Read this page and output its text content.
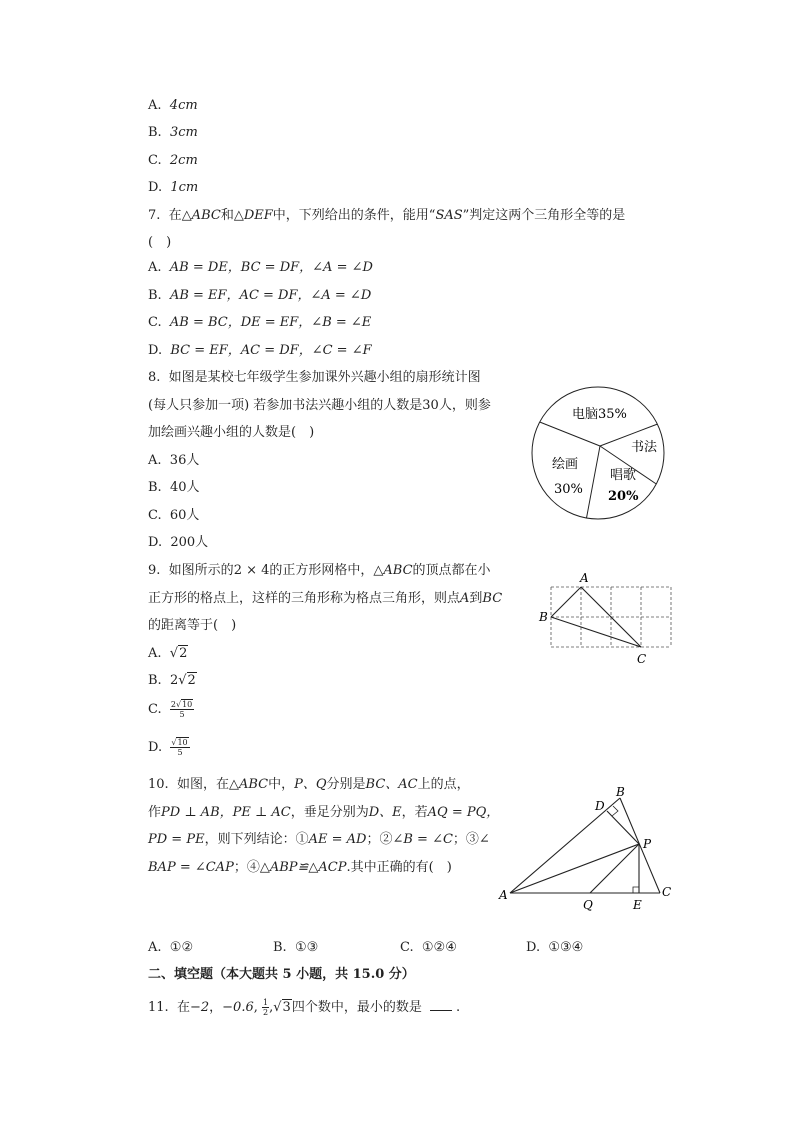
A. 4cm
B. 3cm
C. 2cm
D. 1cm
7. 在△ABC和△DEF中，下列给出的条件，能用“SAS”判定这两个三角形全等的是
(　)
A. AB = DE，BC = DF，∠A = ∠D
B. AB = EF，AC = DF，∠A = ∠D
C. AB = BC，DE = EF，∠B = ∠E
D. BC = EF，AC = DF，∠C = ∠F
8. 如图是某校七年级学生参加课外兴趣小组的扇形统计图
(每人只参加一项) 若参加书法兴趣小组的人数是30人，则参
加绘画兴趣小组的人数是(　)
A. 36人
B. 40人
C. 60人
D. 200人
电脑35%
书法
唱歌
20%
绘画
30%
9. 如图所示的2 × 4的正方形网格中，△ABC的顶点都在小
正方形的格点上，这样的三角形称为格点三角形，则点A到BC
的距离等于(　)
A.  √2
B. 2√2
C. $\frac{2√10}{5}$
D. $\frac{√10}{5}$
A
B
C
10. 如图，在△ABC中，P、Q分别是BC、AC上的点，
作PD ⊥ AB，PE ⊥ AC，垂足分别为D、E，若AQ = PQ，
PD = PE，则下列结论：①AE = AD；②∠B = ∠C；③∠
BAP = ∠CAP；④△ABP≌△ACP.其中正确的有(　)
A
B
C
D
P
Q	E
A. ①②	B. ①③	C. ①②④	D. ①③④
二、填空题（本大题共 5 小题，共 15.0 分）
11. 在−2，−0.6, $\frac{1}{2} ,√3$四个数中，最小的数是	.
